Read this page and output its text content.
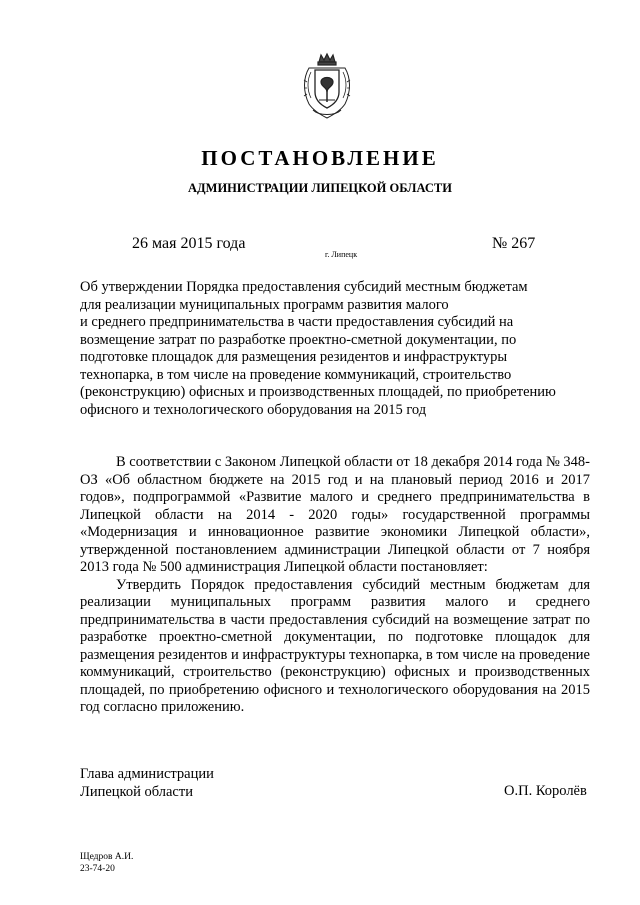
ПОСТАНОВЛЕНИЕ

АДМИНИСТРАЦИИ ЛИПЕЦКОЙ ОБЛАСТИ

26 мая 2015 года

г. Липецк

№ 267

Об утверждении Порядка предоставления субсидий местным бюджетам
для реализации муниципальных программ развития малого
и среднего предпринимательства в части предоставления субсидий на
возмещение затрат по разработке проектно-сметной документации, по
подготовке площадок для размещения резидентов и инфраструктуры
технопарка, в том числе на проведение коммуникаций, строительство
(реконструкцию) офисных и производственных площадей, по приобретению
офисного и технологического оборудования на 2015 год

В соответствии с Законом Липецкой области от 18 декабря 2014 года № 348-ОЗ «Об областном бюджете на 2015 год и на плановый период 2016 и 2017 годов», подпрограммой «Развитие малого и среднего предпринимательства в Липецкой области на 2014 - 2020 годы» государственной программы «Модернизация и инновационное развитие экономики Липецкой области», утвержденной постановлением администрации Липецкой области от 7 ноября 2013 года № 500 администрация Липецкой области постановляет:

Утвердить Порядок предоставления субсидий местным бюджетам для реализации муниципальных программ развития малого и среднего предпринимательства в части предоставления субсидий на возмещение затрат по разработке проектно-сметной документации, по подготовке площадок для размещения резидентов и инфраструктуры технопарка, в том числе на проведение коммуникаций, строительство (реконструкцию) офисных и производственных площадей, по приобретению офисного и технологического оборудования на 2015 год согласно приложению.

Глава администрации
Липецкой области	О.П. Королёв

Щедров А.И.
23-74-20
